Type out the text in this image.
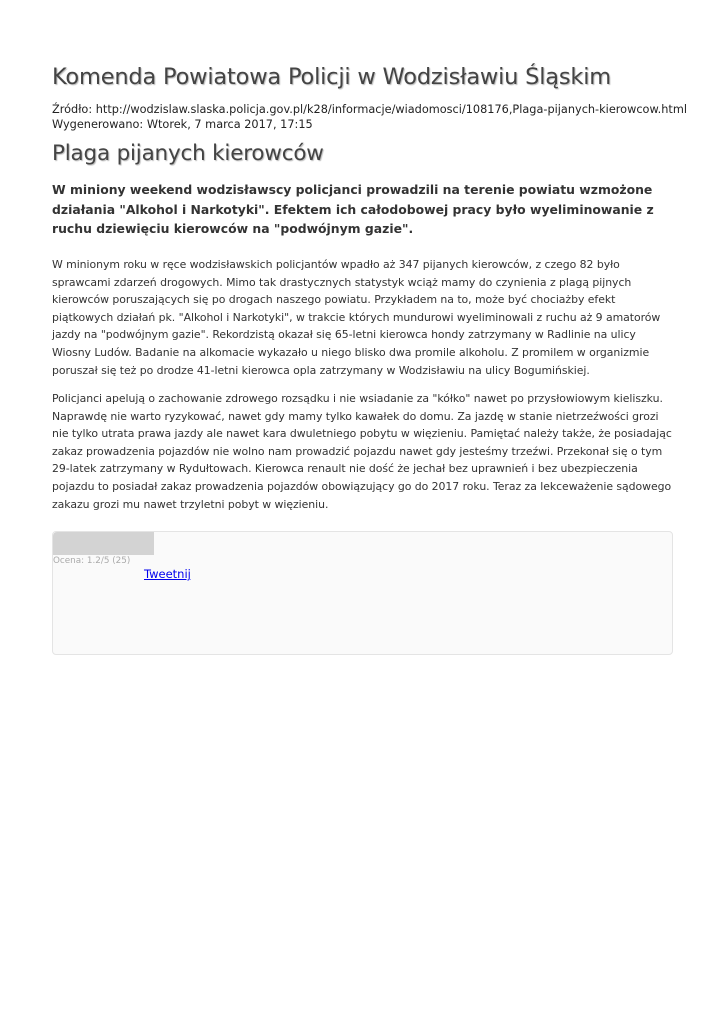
Komenda Powiatowa Policji w Wodzisławiu Śląskim
Źródło: http://wodzislaw.slaska.policja.gov.pl/k28/informacje/wiadomosci/108176,Plaga-pijanych-kierowcow.html
Wygenerowano: Wtorek, 7 marca 2017, 17:15
Plaga pijanych kierowców

W miniony weekend wodzisławscy policjanci prowadzili na terenie powiatu wzmożone działania "Alkohol i Narkotyki". Efektem ich całodobowej pracy było wyeliminowanie z ruchu dziewięciu kierowców na "podwójnym gazie".

W minionym roku w ręce wodzisławskich policjantów wpadło aż 347 pijanych kierowców, z czego 82 było sprawcami zdarzeń drogowych. Mimo tak drastycznych statystyk wciąż mamy do czynienia z plagą pijnych kierowców poruszających się po drogach naszego powiatu. Przykładem na to, może być chociażby efekt piątkowych działań pk. "Alkohol i Narkotyki", w trakcie których mundurowi wyeliminowali z ruchu aż 9 amatorów jazdy na "podwójnym gazie". Rekordzistą okazał się 65-letni kierowca hondy zatrzymany w Radlinie na ulicy Wiosny Ludów. Badanie na alkomacie wykazało u niego blisko dwa promile alkoholu. Z promilem w organizmie poruszał się też po drodze 41-letni kierowca opla zatrzymany w Wodzisławiu na ulicy Bogumińskiej.

Policjanci apelują o zachowanie zdrowego rozsądku i nie wsiadanie za "kółko" nawet po przysłowiowym kieliszku. Naprawdę nie warto ryzykować, nawet gdy mamy tylko kawałek do domu. Za jazdę w stanie nietrzeźwości grozi nie tylko utrata prawa jazdy ale nawet kara dwuletniego pobytu w więzieniu. Pamiętać należy także, że posiadając zakaz prowadzenia pojazdów nie wolno nam prowadzić pojazdu nawet gdy jesteśmy trzeźwi. Przekonał się o tym 29-latek zatrzymany w Rydułtowach. Kierowca renault nie dość że jechał bez uprawnień i bez ubezpieczenia pojazdu to posiadał zakaz prowadzenia pojazdów obowiązujący go do 2017 roku. Teraz za lekceważenie sądowego zakazu grozi mu nawet trzyletni pobyt w więzieniu.

Ocena: 1.2/5 (25)
Tweetnij
